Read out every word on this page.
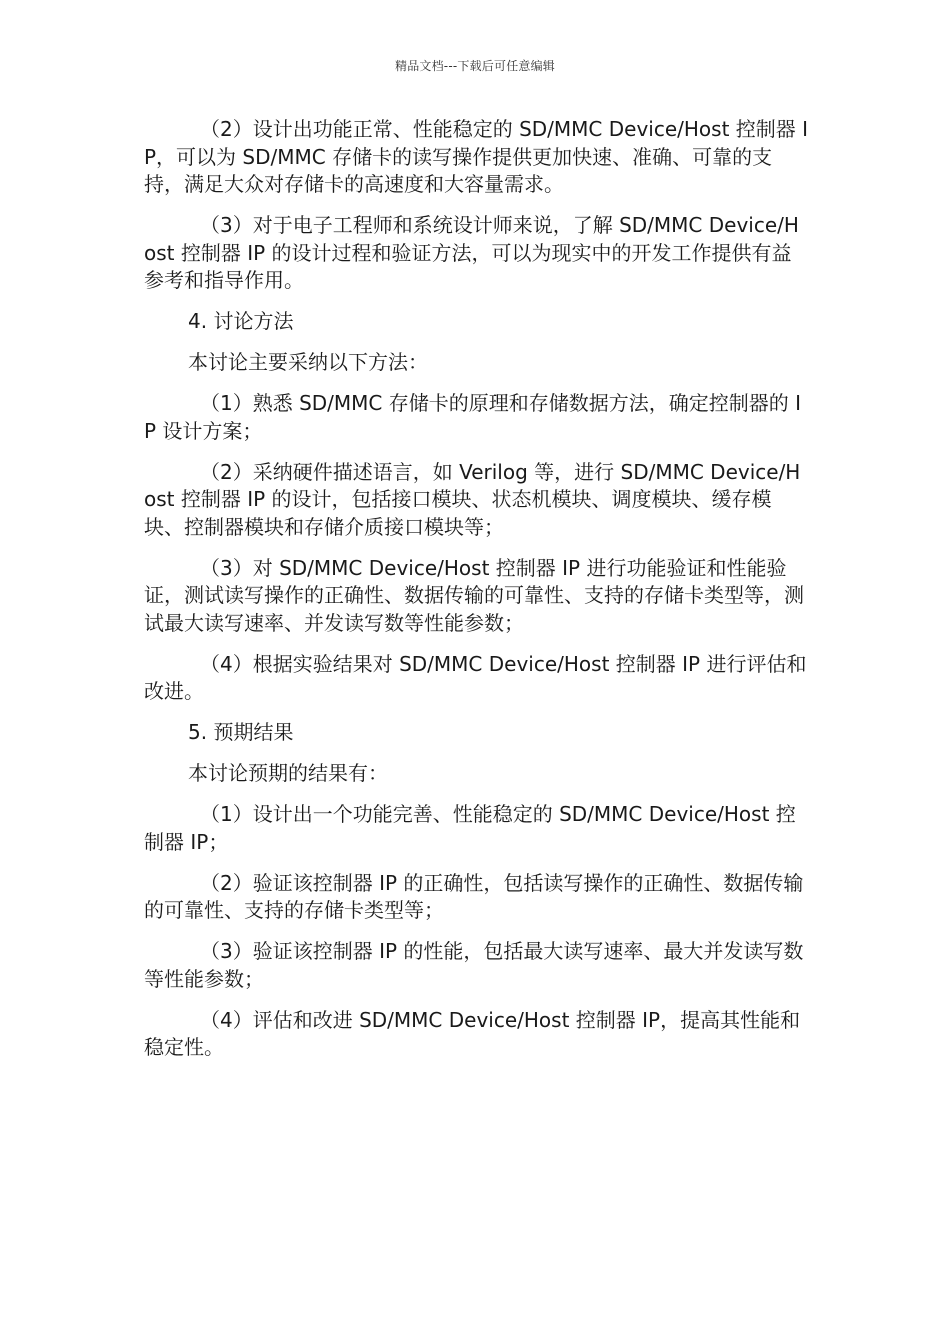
精品文档---下载后可任意编辑

（2）设计出功能正常、性能稳定的 SD/MMC Device/Host 控制器 IP，可以为 SD/MMC 存储卡的读写操作提供更加快速、准确、可靠的支持，满足大众对存储卡的高速度和大容量需求。

（3）对于电子工程师和系统设计师来说，了解 SD/MMC Device/Host 控制器 IP 的设计过程和验证方法，可以为现实中的开发工作提供有益参考和指导作用。

4. 讨论方法

本讨论主要采纳以下方法：

（1）熟悉 SD/MMC 存储卡的原理和存储数据方法，确定控制器的 IP 设计方案；

（2）采纳硬件描述语言，如 Verilog 等，进行 SD/MMC Device/Host 控制器 IP 的设计，包括接口模块、状态机模块、调度模块、缓存模块、控制器模块和存储介质接口模块等；

（3）对 SD/MMC Device/Host 控制器 IP 进行功能验证和性能验证，测试读写操作的正确性、数据传输的可靠性、支持的存储卡类型等，测试最大读写速率、并发读写数等性能参数；

（4）根据实验结果对 SD/MMC Device/Host 控制器 IP 进行评估和改进。

5. 预期结果

本讨论预期的结果有：

（1）设计出一个功能完善、性能稳定的 SD/MMC Device/Host 控制器 IP；

（2）验证该控制器 IP 的正确性，包括读写操作的正确性、数据传输的可靠性、支持的存储卡类型等；

（3）验证该控制器 IP 的性能，包括最大读写速率、最大并发读写数等性能参数；

（4）评估和改进 SD/MMC Device/Host 控制器 IP，提高其性能和稳定性。
